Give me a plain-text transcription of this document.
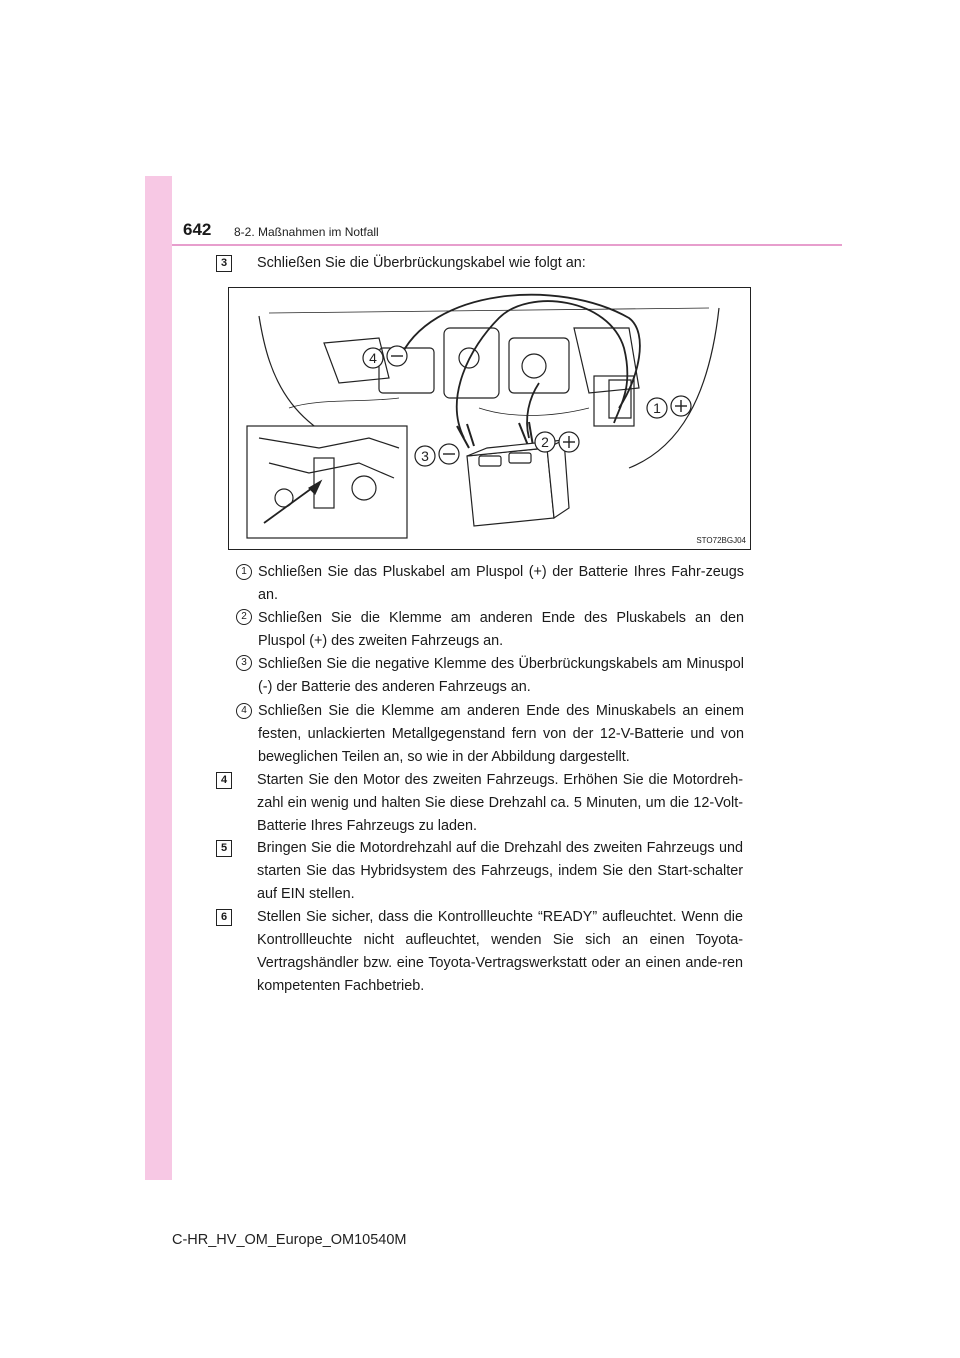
642 8-2. Maßnahmen im Notfall
3	Schließen Sie die Überbrückungskabel wie folgt an:
4
3
2
1
STO72BGJ04
1 Schließen Sie das Pluskabel am Pluspol (+) der Batterie Ihres Fahr-zeugs an.
2 Schließen Sie die Klemme am anderen Ende des Pluskabels an den Pluspol (+) des zweiten Fahrzeugs an.
3 Schließen Sie die negative Klemme des Überbrückungskabels am Minuspol (-) der Batterie des anderen Fahrzeugs an.
4 Schließen Sie die Klemme am anderen Ende des Minuskabels an einem festen, unlackierten Metallgegenstand fern von der 12-V-Batterie und von beweglichen Teilen an, so wie in der Abbildung dargestellt.
4	Starten Sie den Motor des zweiten Fahrzeugs. Erhöhen Sie die Motordreh-zahl ein wenig und halten Sie diese Drehzahl ca. 5 Minuten, um die 12-Volt-Batterie Ihres Fahrzeugs zu laden.
5	Bringen Sie die Motordrehzahl auf die Drehzahl des zweiten Fahrzeugs und starten Sie das Hybridsystem des Fahrzeugs, indem Sie den Start-schalter auf EIN stellen.
6	Stellen Sie sicher, dass die Kontrollleuchte “READY” aufleuchtet. Wenn die Kontrollleuchte nicht aufleuchtet, wenden Sie sich an einen Toyota-Vertragshändler bzw. eine Toyota-Vertragswerkstatt oder an einen ande-ren kompetenten Fachbetrieb.
C-HR_HV_OM_Europe_OM10540M
